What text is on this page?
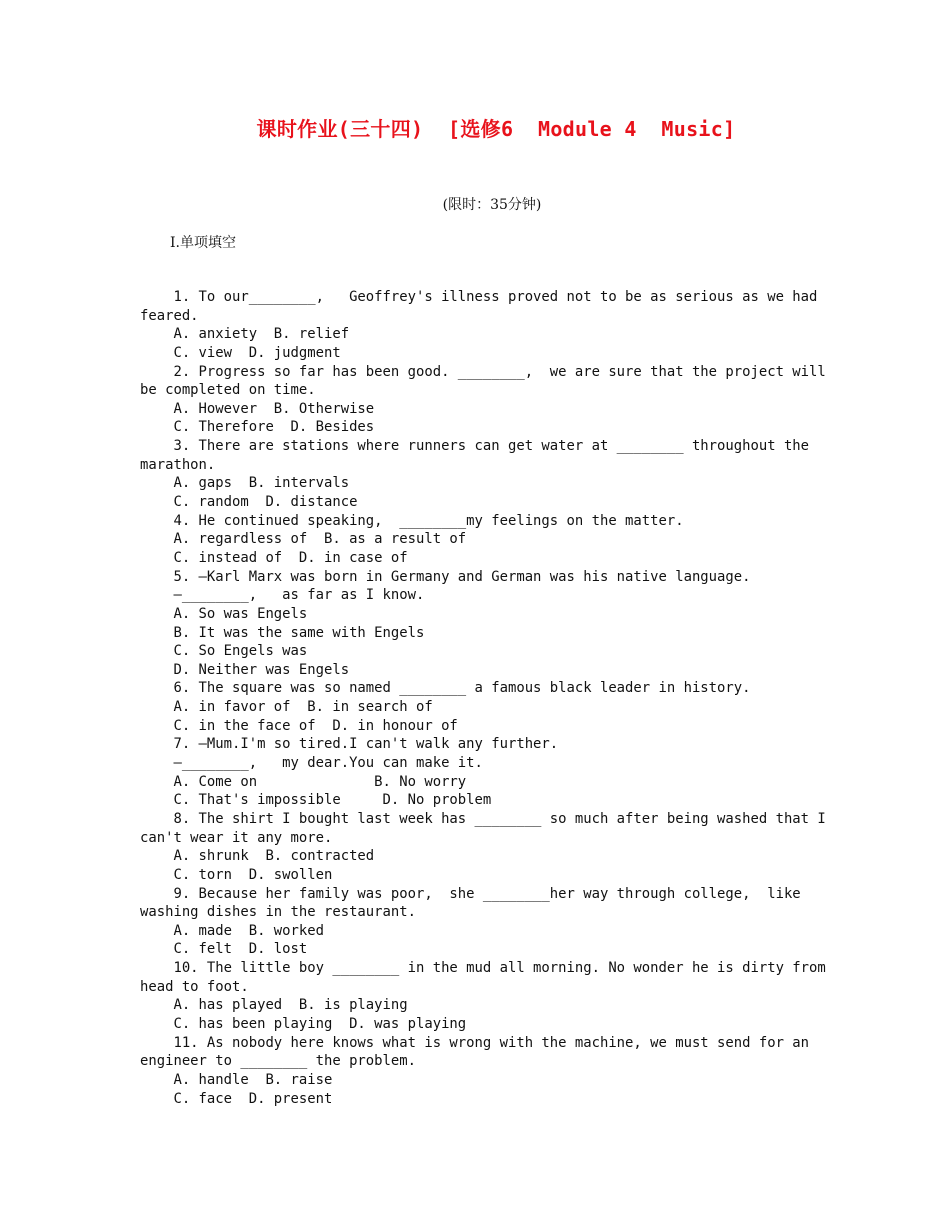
课时作业(三十四)  [选修6  Module 4  Music]
(限时：35分钟)
Ⅰ.单项填空
1. To our________,   Geoffrey's illness proved not to be as serious as we had
feared.
A. anxiety  B. relief
C. view  D. judgment
2. Progress so far has been good. ________,  we are sure that the project will
be completed on time.
A. However  B. Otherwise
C. Therefore  D. Besides
3. There are stations where runners can get water at ________ throughout the
marathon.
A. gaps  B. intervals
C. random  D. distance
4. He continued speaking,  ________my feelings on the matter.
A. regardless of  B. as a result of
C. instead of  D. in case of
5. —Karl Marx was born in Germany and German was his native language.
—________,   as far as I know.
A. So was Engels
B. It was the same with Engels
C. So Engels was
D. Neither was Engels
6. The square was so named ________ a famous black leader in history.
A. in favor of  B. in search of
C. in the face of  D. in honour of
7. —Mum.I'm so tired.I can't walk any further.
—________,   my dear.You can make it.
A. Come on              B. No worry
C. That's impossible     D. No problem
8. The shirt I bought last week has ________ so much after being washed that I
can't wear it any more.
A. shrunk  B. contracted
C. torn  D. swollen
9. Because her family was poor,  she ________her way through college,  like
washing dishes in the restaurant.
A. made  B. worked
C. felt  D. lost
10. The little boy ________ in the mud all morning. No wonder he is dirty from
head to foot.
A. has played  B. is playing
C. has been playing  D. was playing
11. As nobody here knows what is wrong with the machine, we must send for an
engineer to ________ the problem.
A. handle  B. raise
C. face  D. present
